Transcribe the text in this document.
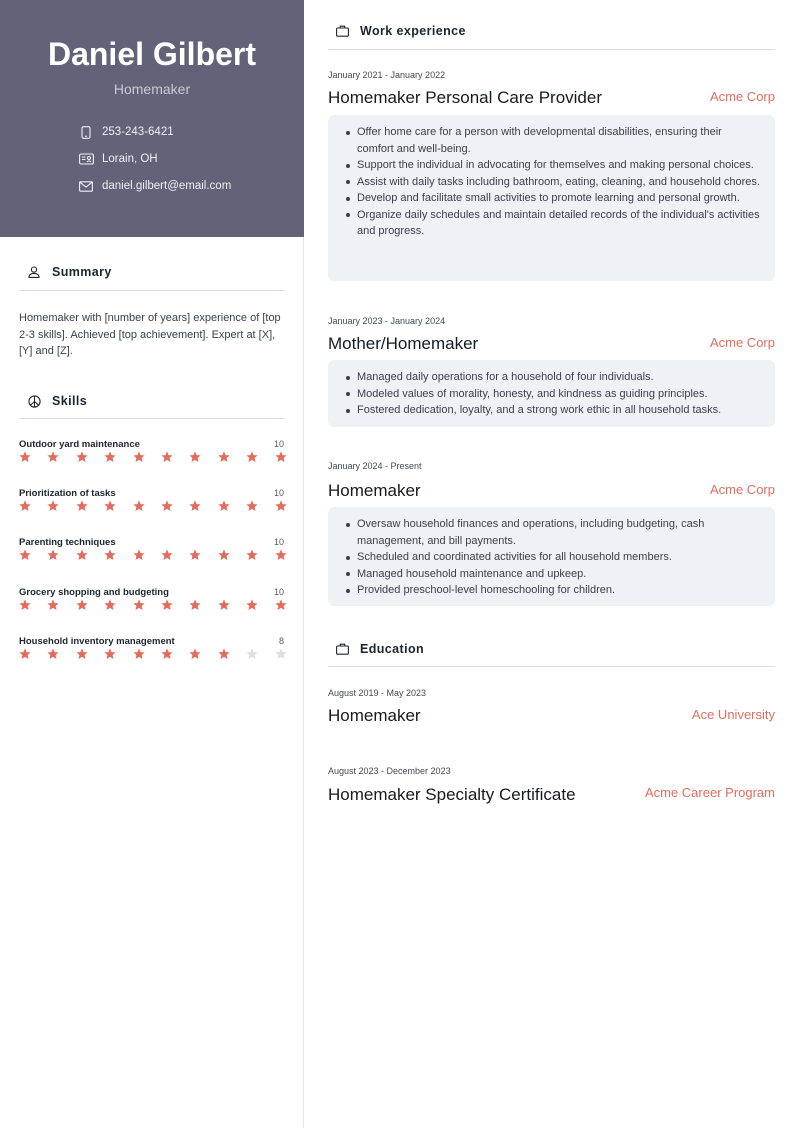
Daniel Gilbert
Homemaker
253-243-6421
Lorain, OH
daniel.gilbert@email.com
Summary
Homemaker with [number of years] experience of [top 2-3 skills]. Achieved [top achievement]. Expert at [X], [Y] and [Z].
Skills
Outdoor yard maintenance	10
Prioritization of tasks	10
Parenting techniques	10
Grocery shopping and budgeting	10
Household inventory management	8
Work experience
January 2021 - January 2022
Homemaker Personal Care Provider	Acme Corp
Offer home care for a person with developmental disabilities, ensuring their comfort and well-being.
Support the individual in advocating for themselves and making personal choices.
Assist with daily tasks including bathroom, eating, cleaning, and household chores.
Develop and facilitate small activities to promote learning and personal growth.
Organize daily schedules and maintain detailed records of the individual's activities and progress.
January 2023 - January 2024
Mother/Homemaker	Acme Corp
Managed daily operations for a household of four individuals.
Modeled values of morality, honesty, and kindness as guiding principles.
Fostered dedication, loyalty, and a strong work ethic in all household tasks.
January 2024 - Present
Homemaker	Acme Corp
Oversaw household finances and operations, including budgeting, cash management, and bill payments.
Scheduled and coordinated activities for all household members.
Managed household maintenance and upkeep.
Provided preschool-level homeschooling for children.
Education
August 2019 - May 2023
Homemaker	Ace University
August 2023 - December 2023
Homemaker Specialty Certificate	Acme Career Program
